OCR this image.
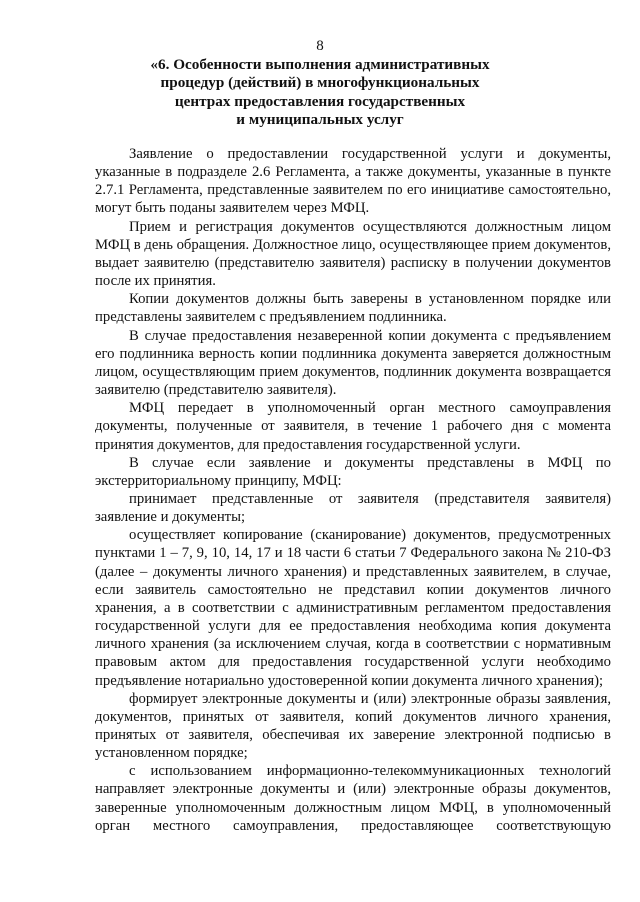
8
«6. Особенности выполнения административных
процедур (действий) в многофункциональных
центрах предоставления государственных
и муниципальных услуг

Заявление о предоставлении государственной услуги и документы, указанные в подразделе 2.6 Регламента, а также документы, указанные в пункте 2.7.1 Регламента, представленные заявителем по его инициативе самостоятельно, могут быть поданы заявителем через МФЦ.

Прием и регистрация документов осуществляются должностным лицом МФЦ в день обращения. Должностное лицо, осуществляющее прием документов, выдает заявителю (представителю заявителя) расписку в получении документов после их принятия.

Копии документов должны быть заверены в установленном порядке или представлены заявителем с предъявлением подлинника.

В случае предоставления незаверенной копии документа с предъявлением его подлинника верность копии подлинника документа заверяется должностным лицом, осуществляющим прием документов, подлинник документа возвращается заявителю (представителю заявителя).

МФЦ передает в уполномоченный орган местного самоуправления документы, полученные от заявителя, в течение 1 рабочего дня с момента принятия документов, для предоставления государственной услуги.

В случае если заявление и документы представлены в МФЦ по экстерриториальному принципу, МФЦ:

принимает представленные от заявителя (представителя заявителя) заявление и документы;

осуществляет копирование (сканирование) документов, предусмотренных пунктами 1 – 7, 9, 10, 14, 17 и 18 части 6 статьи 7 Федерального закона № 210-ФЗ (далее – документы личного хранения) и представленных заявителем, в случае, если заявитель самостоятельно не представил копии документов личного хранения, а в соответствии с административным регламентом предоставления государственной услуги для ее предоставления необходима копия документа личного хранения (за исключением случая, когда в соответствии с нормативным правовым актом для предоставления государственной услуги необходимо предъявление нотариально удостоверенной копии документа личного хранения);

формирует электронные документы и (или) электронные образы заявления, документов, принятых от заявителя, копий документов личного хранения, принятых от заявителя, обеспечивая их заверение электронной подписью в установленном порядке;

с использованием информационно-телекоммуникационных технологий направляет электронные документы и (или) электронные образы документов, заверенные уполномоченным должностным лицом МФЦ, в уполномоченный орган местного самоуправления, предоставляющее соответствующую
